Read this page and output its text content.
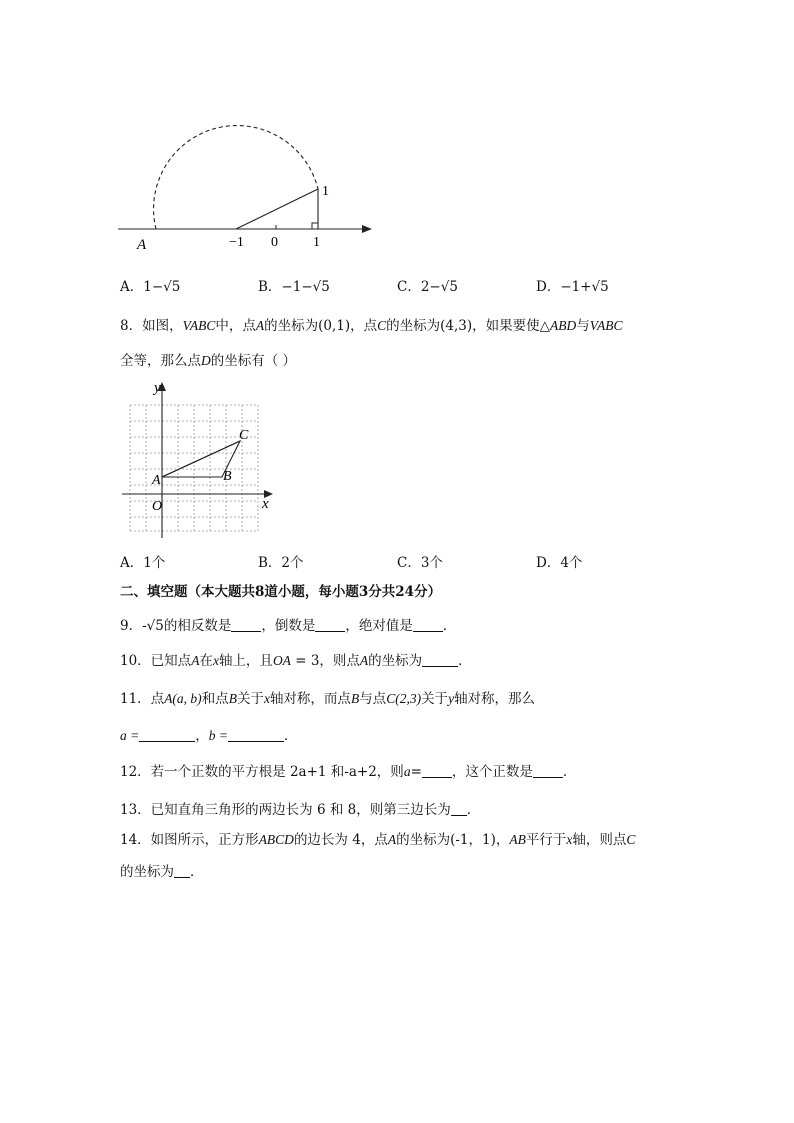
A
1
−1 0	1
A．1−√5	B．−1−√5	C．2−√5	D．−1+√5
8．如图，VABC中，点A的坐标为(0,1)，点C的坐标为(4,3)，如果要使△ABD与VABC
全等，那么点D的坐标有（ ）
y
x
O
A	B
C
A．1个	B．2个	C．3个	D．4个
二、填空题（本大题共8道小题，每小题3分共24分）
9．-√5的相反数是 ，倒数是 ，绝对值是 ．
10．已知点A在x轴上，且OA = 3，则点A的坐标为	．
11．点A(a, b)和点B关于x轴对称，而点B与点C(2,3)关于y轴对称，那么
a =	，b =	．
12．若一个正数的平方根是 2a+1 和-a+2，则a= ，这个正数是 ．
13．已知直角三角形的两边长为 6 和 8，则第三边长为 ．
14．如图所示，正方形ABCD的边长为 4，点A的坐标为(-1，1)，AB平行于x轴，则点C
的坐标为 ．
